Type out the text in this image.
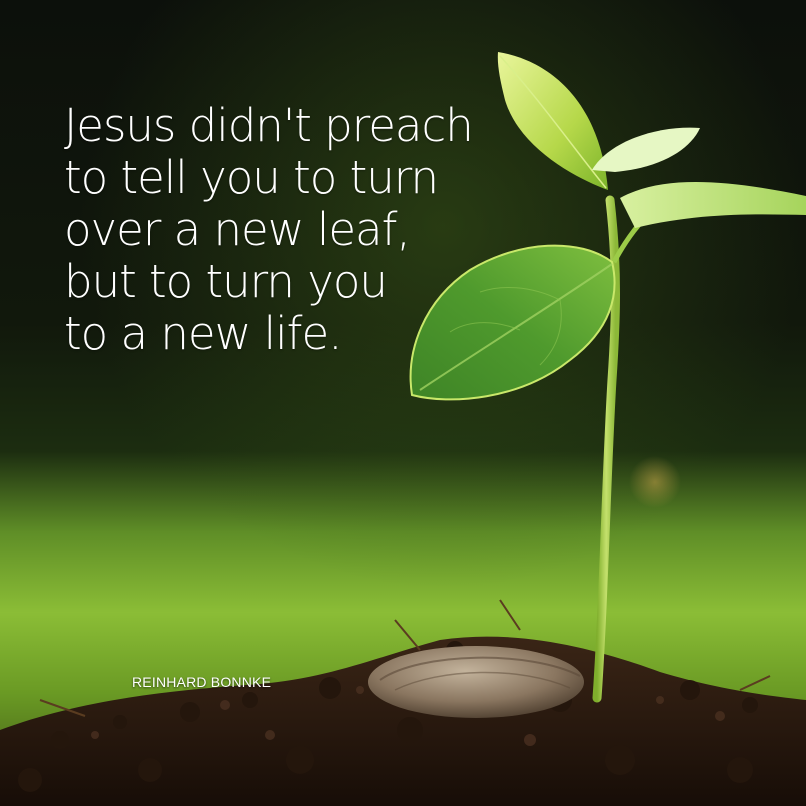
Jesus didn't preach
to tell you to turn
over a new leaf,
but to turn you
to a new life.

REINHARD BONNKE
